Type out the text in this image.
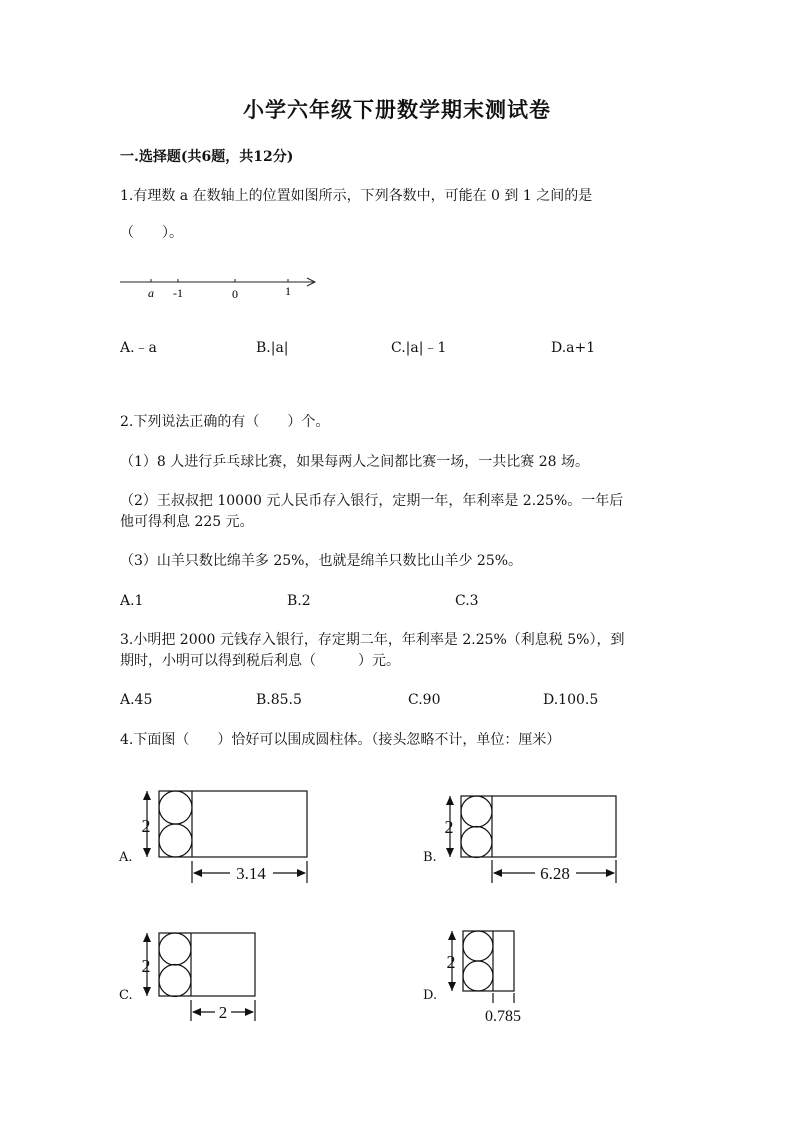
小学六年级下册数学期末测试卷
一.选择题(共6题，共12分)
1.有理数 a 在数轴上的位置如图所示，下列各数中，可能在 0 到 1 之间的是
（　　）。
a -1	0	1
A.﹣a	B.|a|	C.|a|﹣1	D.a+1
2.下列说法正确的有（　　）个。
（1）8 人进行乒乓球比赛，如果每两人之间都比赛一场，一共比赛 28 场。
（2）王叔叔把 10000 元人民币存入银行，定期一年，年利率是 2.25%。一年后
他可得利息 225 元。
（3）山羊只数比绵羊多 25%，也就是绵羊只数比山羊少 25%。
A.1	B.2	C.3
3.小明把 2000 元钱存入银行，存定期二年，年利率是 2.25%（利息税 5%），到
期时，小明可以得到税后利息（　　　）元。
A.45	B.85.5	C.90	D.100.5
4.下面图（　　）恰好可以围成圆柱体。（接头忽略不计，单位：厘米）
A.
2
3.14
B.
2
6.28
C.
2
2
D.
2
0.785
